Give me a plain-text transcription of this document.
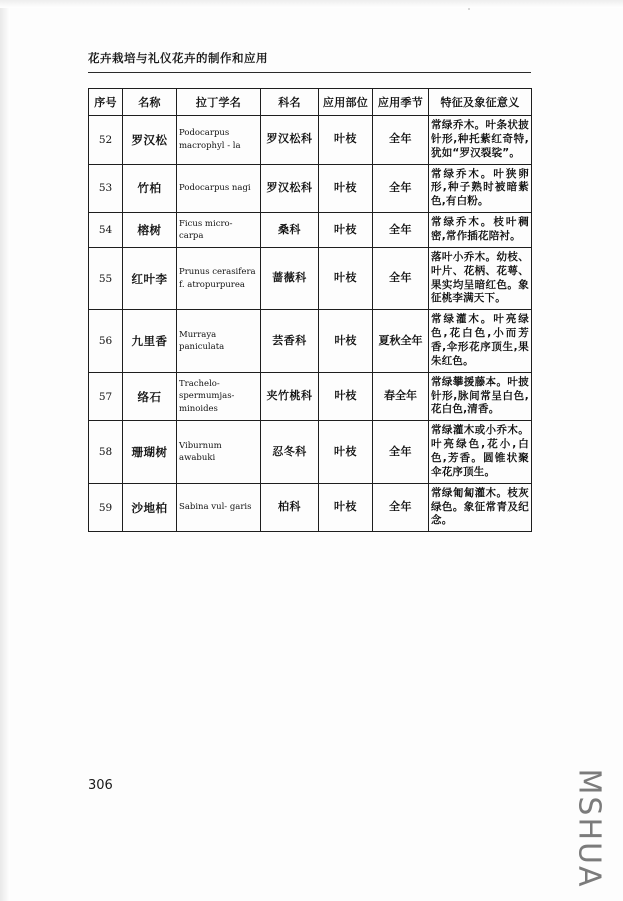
花卉栽培与礼仪花卉的制作和应用
序号	名称	拉丁学名	科名	应用部位	应用季节	特征及象征意义
52	罗汉松	Podocarpus macrophyl - la	罗汉松科	叶枝	全年	常绿乔木。叶条状披针形,种托紫红奇特,犹如“罗汉裂裟”。
53	竹柏	Podocarpus nagi	罗汉松科	叶枝	全年	常绿乔木。叶狭卵形,种子熟时被暗紫色,有白粉。
54	榕树	Ficus micro- carpa	桑科	叶枝	全年	常绿乔木。枝叶稠密,常作插花陪衬。
55	红叶李	Prunus cerasifera f. atropurpurea	蔷薇科	叶枝	全年	落叶小乔木。幼枝、叶片、花柄、花萼、果实均呈暗红色。象征桃李满天下。
56	九里香	Murraya paniculata	芸香科	叶枝	夏秋全年	常绿灌木。叶亮绿色,花白色,小而芳香,伞形花序顶生,果朱红色。
57	络石	Trachelo- spermumjas- minoides	夹竹桃科	叶枝	春全年	常绿攀援藤本。叶披针形,脉间常呈白色,花白色,清香。
58	珊瑚树	Viburnum awabuki	忍冬科	叶枝	全年	常绿灌木或小乔木。叶亮绿色,花小,白色,芳香。圆锥状聚伞花序顶生。
59	沙地柏	Sabina vul- garis	柏科	叶枝	全年	常绿匍匐灌木。枝灰绿色。象征常青及纪念。
306	MSHUA
